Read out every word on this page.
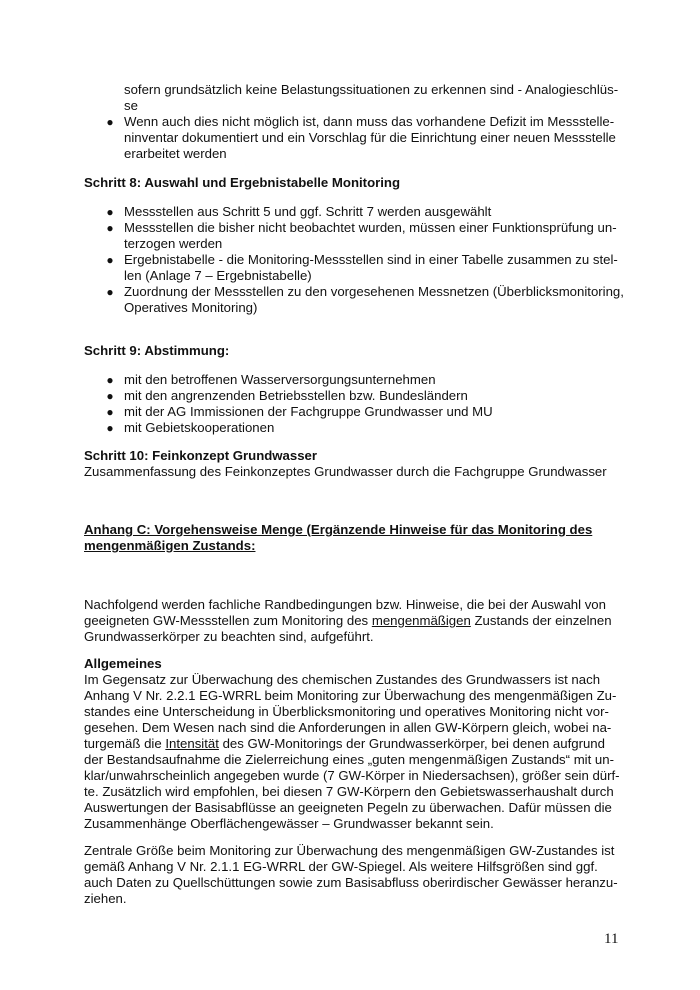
sofern grundsätzlich keine Belastungssituationen zu erkennen sind - Analogieschlüs-
se
● Wenn auch dies nicht möglich ist, dann muss das vorhandene Defizit im Messstelle-
ninventar dokumentiert und ein Vorschlag für die Einrichtung einer neuen Messstelle
erarbeitet werden
Schritt 8: Auswahl und Ergebnistabelle Monitoring
● Messstellen aus Schritt 5 und ggf. Schritt 7 werden ausgewählt
● Messstellen die bisher nicht beobachtet wurden, müssen einer Funktionsprüfung un-
terzogen werden
● Ergebnistabelle - die Monitoring-Messstellen sind in einer Tabelle zusammen zu stel-
len (Anlage 7 – Ergebnistabelle)
● Zuordnung der Messstellen zu den vorgesehenen Messnetzen (Überblicksmonitoring,
Operatives Monitoring)
Schritt 9: Abstimmung:
● mit den betroffenen Wasserversorgungsunternehmen
● mit den angrenzenden Betriebsstellen bzw. Bundesländern
● mit der AG Immissionen der Fachgruppe Grundwasser und MU
● mit Gebietskooperationen
Schritt 10: Feinkonzept Grundwasser
Zusammenfassung des Feinkonzeptes Grundwasser durch die Fachgruppe Grundwasser
Anhang C: Vorgehensweise Menge (Ergänzende Hinweise für das Monitoring des
mengenmäßigen Zustands:
Nachfolgend werden fachliche Randbedingungen bzw. Hinweise, die bei der Auswahl von
geeigneten GW-Messstellen zum Monitoring des mengenmäßigen Zustands der einzelnen
Grundwasserkörper zu beachten sind, aufgeführt.
Allgemeines
Im Gegensatz zur Überwachung des chemischen Zustandes des Grundwassers ist nach
Anhang V Nr. 2.2.1 EG-WRRL beim Monitoring zur Überwachung des mengenmäßigen Zu-
standes eine Unterscheidung in Überblicksmonitoring und operatives Monitoring nicht vor-
gesehen. Dem Wesen nach sind die Anforderungen in allen GW-Körpern gleich, wobei na-
turgemäß die Intensität des GW-Monitorings der Grundwasserkörper, bei denen aufgrund
der Bestandsaufnahme die Zielerreichung eines „guten mengenmäßigen Zustands“ mit un-
klar/unwahrscheinlich angegeben wurde (7 GW-Körper in Niedersachsen), größer sein dürf-
te. Zusätzlich wird empfohlen, bei diesen 7 GW-Körpern den Gebietswasserhaushalt durch
Auswertungen der Basisabflüsse an geeigneten Pegeln zu überwachen. Dafür müssen die
Zusammenhänge Oberflächengewässer – Grundwasser bekannt sein.
Zentrale Größe beim Monitoring zur Überwachung des mengenmäßigen GW-Zustandes ist
gemäß Anhang V Nr. 2.1.1 EG-WRRL der GW-Spiegel. Als weitere Hilfsgrößen sind ggf.
auch Daten zu Quellschüttungen sowie zum Basisabfluss oberirdischer Gewässer heranzu-
ziehen.
11
